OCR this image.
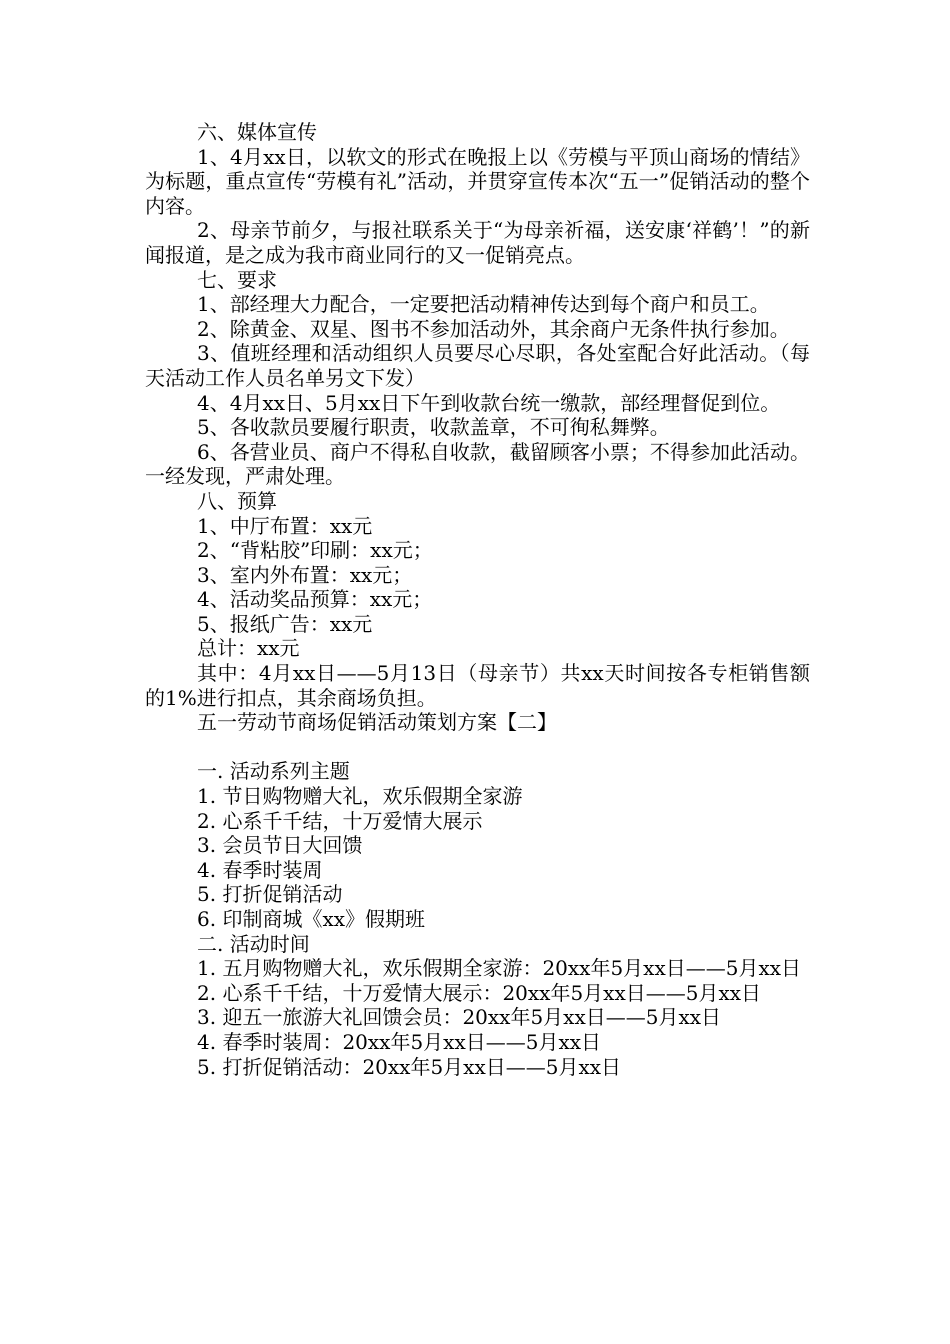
六、媒体宣传

1、4月xx日，以软文的形式在晚报上以《劳模与平顶山商场的情结》为标题，重点宣传“劳模有礼”活动，并贯穿宣传本次“五一”促销活动的整个内容。

2、母亲节前夕，与报社联系关于“为母亲祈福，送安康‘祥鹤’！”的新闻报道，是之成为我市商业同行的又一促销亮点。

七、要求

1、部经理大力配合，一定要把活动精神传达到每个商户和员工。

2、除黄金、双星、图书不参加活动外，其余商户无条件执行参加。

3、值班经理和活动组织人员要尽心尽职，各处室配合好此活动。（每天活动工作人员名单另文下发）

4、4月xx日、5月xx日下午到收款台统一缴款，部经理督促到位。

5、各收款员要履行职责，收款盖章，不可徇私舞弊。

6、各营业员、商户不得私自收款，截留顾客小票；不得参加此活动。一经发现，严肃处理。

八、预算

1、中厅布置：xx元

2、“背粘胶”印刷：xx元；

3、室内外布置：xx元；

4、活动奖品预算：xx元；

5、报纸广告：xx元

总计：xx元

其中：4月xx日——5月13日（母亲节）共xx天时间按各专柜销售额的1%进行扣点，其余商场负担。

五一劳动节商场促销活动策划方案【二】

一. 活动系列主题

1. 节日购物赠大礼，欢乐假期全家游

2. 心系千千结，十万爱情大展示

3. 会员节日大回馈

4. 春季时装周

5. 打折促销活动

6. 印制商城《xx》假期班

二. 活动时间

1. 五月购物赠大礼，欢乐假期全家游：20xx年5月xx日——5月xx日

2. 心系千千结，十万爱情大展示：20xx年5月xx日——5月xx日

3. 迎五一旅游大礼回馈会员：20xx年5月xx日——5月xx日

4. 春季时装周：20xx年5月xx日——5月xx日

5. 打折促销活动：20xx年5月xx日——5月xx日
